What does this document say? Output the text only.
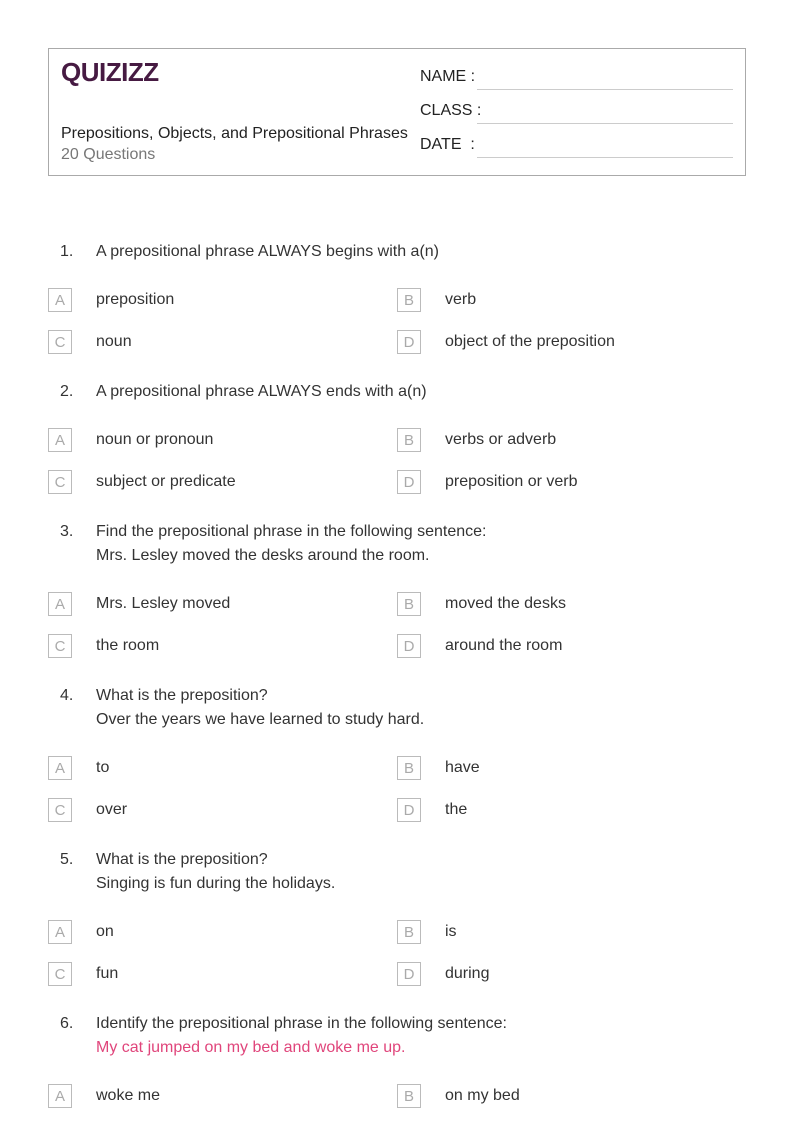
QUIZIZZ
Prepositions, Objects, and Prepositional Phrases
20 Questions
NAME :
CLASS :
DATE  :
1.	A prepositional phrase ALWAYS begins with a(n)
A	preposition	B	verb
C	noun	D	object of the preposition
2.	A prepositional phrase ALWAYS ends with a(n)
A	noun or pronoun	B	verbs or adverb
C	subject or predicate	D	preposition or verb
3.	Find the prepositional phrase in the following sentence:
Mrs. Lesley moved the desks around the room.
A	Mrs. Lesley moved	B	moved the desks
C	the room	D	around the room
4.	What is the preposition?
Over the years we have learned to study hard.
A	to	B	have
C	over	D	the
5.	What is the preposition?
Singing is fun during the holidays.
A	on	B	is
C	fun	D	during
6.	Identify the prepositional phrase in the following sentence:
My cat jumped on my bed and woke me up.
A	woke me	B	on my bed
